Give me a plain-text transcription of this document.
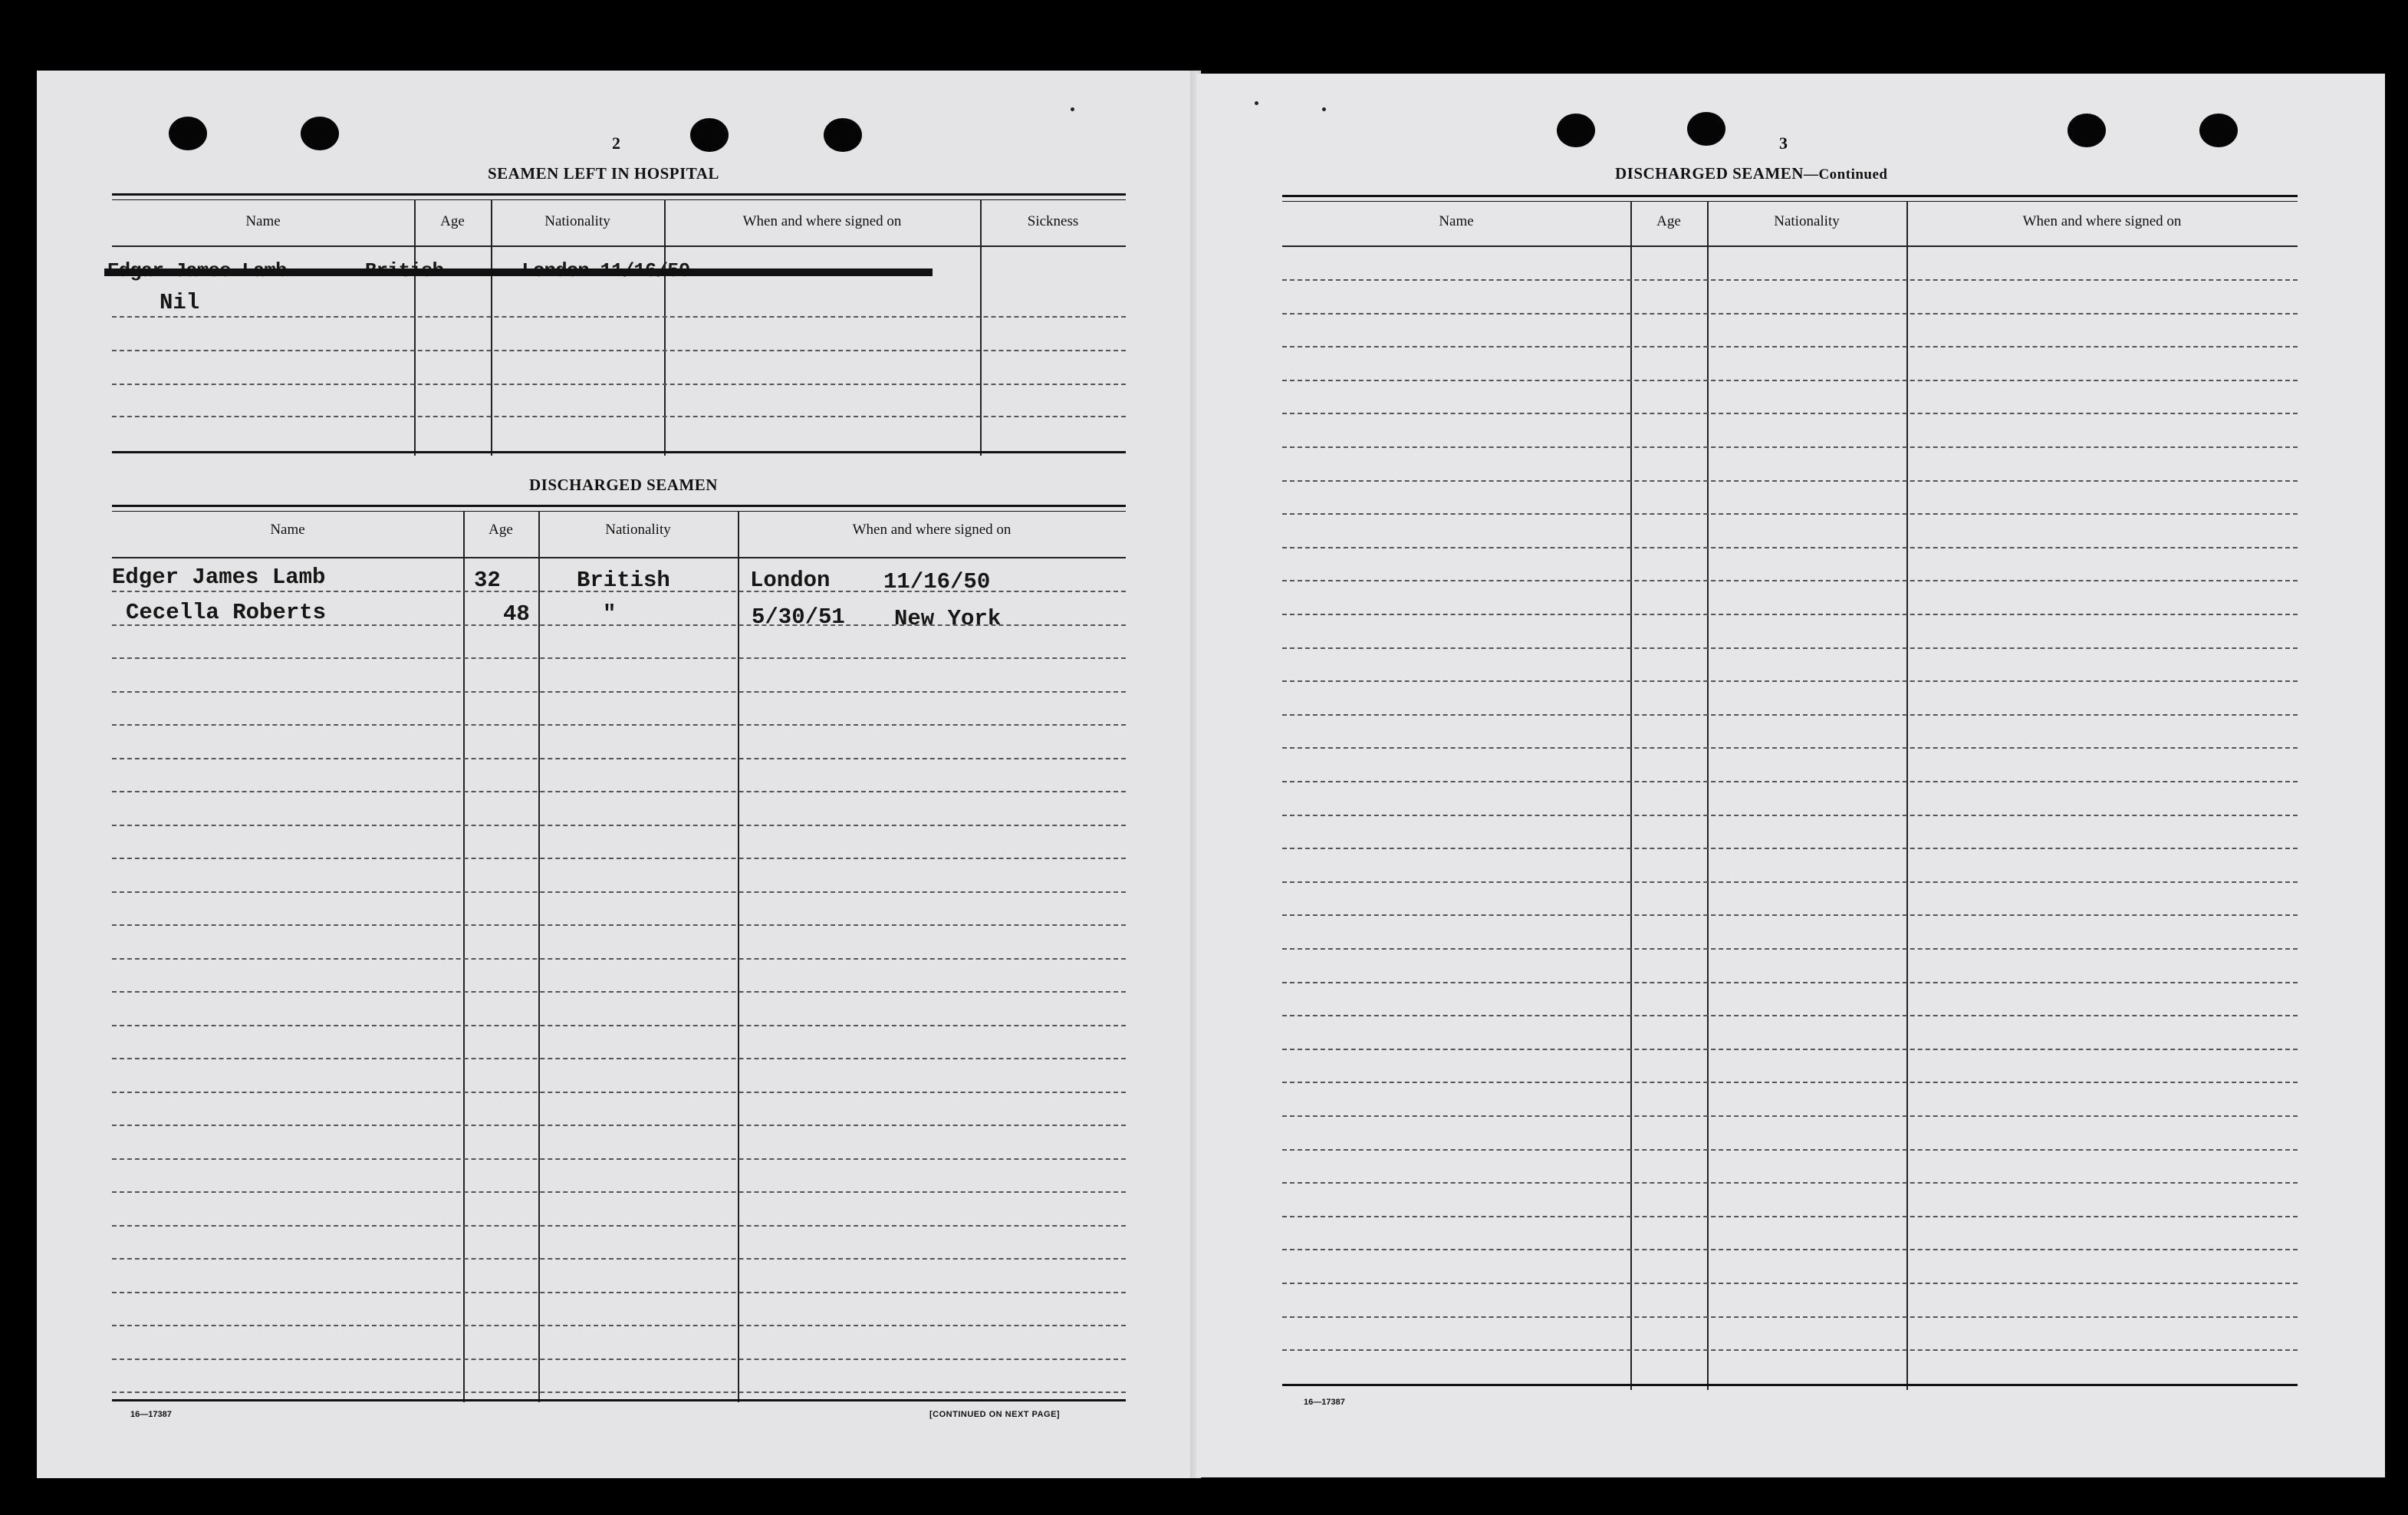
2
SEAMEN LEFT IN HOSPITAL
Name	Age	Nationality	When and where signed on	Sickness
Nil
DISCHARGED SEAMEN
Name	Age	Nationality	When and where signed on
Edger James Lamb	32	British	London 11/16/50
Cecella Roberts	48	"	5/30/51 New York
16—17387	[CONTINUED ON NEXT PAGE]
3
DISCHARGED SEAMEN—Continued
Name	Age	Nationality	When and where signed on
16—17387
